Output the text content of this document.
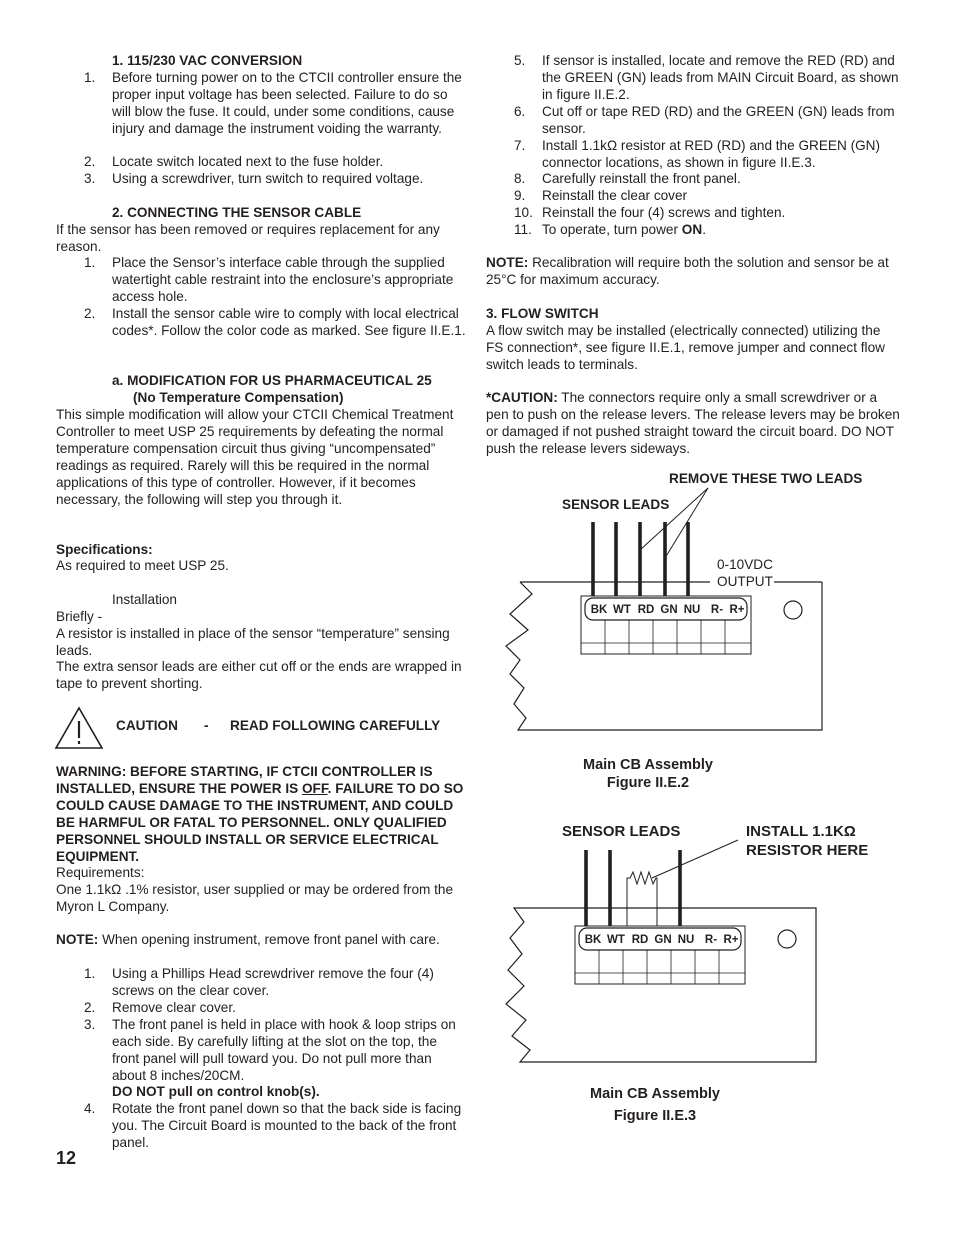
1. 115/230 VAC CONVERSION
1. Before turning power on to the CTCII controller ensure the proper input voltage has been selected. Failure to do so will blow the fuse. It could, under some conditions, cause injury and damage the instrument voiding the warranty.
2. Locate switch located next to the fuse holder.
3. Using a screwdriver, turn switch to required voltage.
2. CONNECTING THE SENSOR CABLE
If the sensor has been removed or requires replacement for any reason.
1. Place the Sensor’s interface cable through the supplied watertight cable restraint into the enclosure’s appropriate access hole.
2. Install the sensor cable wire to comply with local electrical codes*. Follow the color code as marked. See figure II.E.1.
a. MODIFICATION FOR US PHARMACEUTICAL 25
(No Temperature Compensation)
This simple modification will allow your CTCII Chemical Treatment Controller to meet USP 25 requirements by defeating the normal temperature compensation circuit thus giving “uncompensated” readings as required. Rarely will this be required in the normal applications of this type of controller. However, if it becomes necessary, the following will step you through it.
Specifications:
As required to meet USP 25.
Installation
Briefly -
A resistor is installed in place of the sensor “temperature” sensing leads.
The extra sensor leads are either cut off or the ends are wrapped in tape to prevent shorting.
CAUTION - READ FOLLOWING CAREFULLY
WARNING: BEFORE STARTING, IF CTCII CONTROLLER IS INSTALLED, ENSURE THE POWER IS OFF. FAILURE TO DO SO COULD CAUSE DAMAGE TO THE INSTRUMENT, AND COULD BE HARMFUL OR FATAL TO PERSONNEL. ONLY QUALIFIED PERSONNEL SHOULD INSTALL OR SERVICE ELECTRICAL EQUIPMENT.
Requirements:
One 1.1kΩ .1% resistor, user supplied or may be ordered from the Myron L Company.
NOTE: When opening instrument, remove front panel with care.
1. Using a Phillips Head screwdriver remove the four (4) screws on the clear cover.
2. Remove clear cover.
3. The front panel is held in place with hook & loop strips on each side. By carefully lifting at the slot on the top, the front panel will pull toward you. Do not pull more than about 8 inches/20CM.
DO NOT pull on control knob(s).
4. Rotate the front panel down so that the back side is facing you. The Circuit Board is mounted to the back of the front panel.
12
5. If sensor is installed, locate and remove the RED (RD) and the GREEN (GN) leads from MAIN Circuit Board, as shown in figure II.E.2.
6. Cut off or tape RED (RD) and the GREEN (GN) leads from sensor.
7. Install 1.1kΩ resistor at RED (RD) and the GREEN (GN) connector locations, as shown in figure II.E.3.
8. Carefully reinstall the front panel.
9. Reinstall the clear cover
10. Reinstall the four (4) screws and tighten.
11. To operate, turn power ON.
NOTE: Recalibration will require both the solution and sensor be at 25°C for maximum accuracy.
3. FLOW SWITCH
A flow switch may be installed (electrically connected) utilizing the FS connection*, see figure II.E.1, remove jumper and connect flow switch leads to terminals.
*CAUTION: The connectors require only a small screwdriver or a pen to push on the release levers. The release levers may be broken or damaged if not pushed straight toward the circuit board. DO NOT push the release levers sideways.
BK WT RD GN NU R- R+
REMOVE THESE TWO LEADS
SENSOR LEADS
0-10VDC
OUTPUT
Main CB Assembly
Figure II.E.2
BK WT RD GN NU R- R+
SENSOR LEADS	INSTALL 1.1KΩ
RESISTOR HERE
Main CB Assembly
Figure II.E.3
